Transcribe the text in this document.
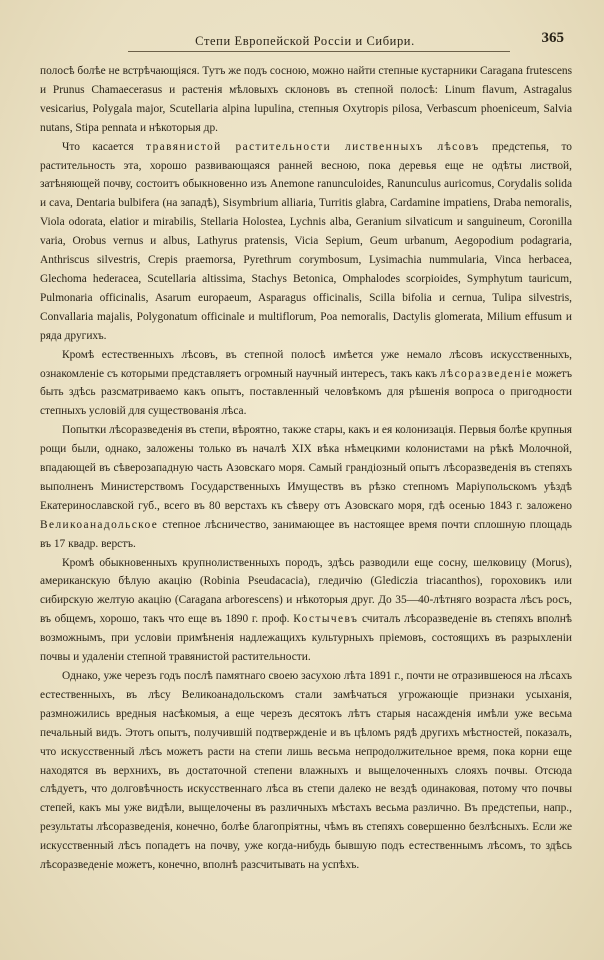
Степи Европейской Россіи и Сибири.	365

полосѣ болѣе не встрѣчающіяся. Тутъ же подъ сосною, можно найти степные кустарники Caragana frutescens и Prunus Chamaecerasus и растенія мѣловыхъ склоновъ въ степной полосѣ: Linum flavum, Astragalus vesicarius, Polygala major, Scutellaria alpina lupulina, степныя Oxytropis pilosa, Verbascum phoeniceum, Salvia nutans, Stipa pennata и нѣкоторыя др.

Что касается травянистой растительности лиственныхъ лѣсовъ предстепья, то растительность эта, хорошо развивающаяся ранней весною, пока деревья еще не одѣты листвой, затѣняющей почву, состоитъ обыкновенно изъ Anemone ranunculoides, Ranunculus auricomus, Corydalis solida и cava, Dentaria bulbifera (на западѣ), Sisymbrium alliaria, Turritis glabra, Cardamine impatiens, Draba nemoralis, Viola odorata, elatior и mirabilis, Stellaria Holostea, Lychnis alba, Geranium silvaticum и sanguineum, Coronilla varia, Orobus vernus и albus, Lathyrus pratensis, Vicia Sepium, Geum urbanum, Aegopodium podagraria, Anthriscus silvestris, Crepis praemorsa, Pyrethrum corymbosum, Lysimachia nummularia, Vinca herbacea, Glechoma hederacea, Scutellaria altissima, Stachys Betonica, Omphalodes scorpioides, Symphytum tauricum, Pulmonaria officinalis, Asarum europaeum, Asparagus officinalis, Scilla bifolia и cernua, Tulipa silvestris, Convallaria majalis, Polygonatum officinale и multiflorum, Poa nemoralis, Dactylis glomerata, Milium effusum и ряда другихъ.

Кромѣ естественныхъ лѣсовъ, въ степной полосѣ имѣется уже немало лѣсовъ искусственныхъ, ознакомленіе съ которыми представляетъ огромный научный интересъ, такъ какъ лѣсоразведеніе можетъ быть здѣсь разсматриваемо какъ опытъ, поставленный человѣкомъ для рѣшенія вопроса о пригодности степныхъ условій для существованія лѣса.

Попытки лѣсоразведенія въ степи, вѣроятно, также стары, какъ и ея колонизація. Первыя болѣе крупныя рощи были, однако, заложены только въ началѣ XIX вѣка нѣмецкими колонистами на рѣкѣ Молочной, впадающей въ сѣверозападную часть Азовскаго моря. Самый грандіозный опытъ лѣсоразведенія въ степяхъ выполненъ Министерствомъ Государственныхъ Имуществъ въ рѣзко степномъ Маріупольскомъ уѣздѣ Екатеринославской губ., всего въ 80 верстахъ къ сѣверу отъ Азовскаго моря, гдѣ осенью 1843 г. заложено Великоанадольское степное лѣсничество, занимающее въ настоящее время почти сплошную площадь въ 17 квадр. верстъ.

Кромѣ обыкновенныхъ крупнолиственныхъ породъ, здѣсь разводили еще сосну, шелковицу (Morus), американскую бѣлую акацію (Robinia Pseudacacia), гледичію (Gledіczia triacanthos), гороховикъ или сибирскую желтую акацію (Caragana arborescens) и нѣкоторыя друг. До 35—40-лѣтняго возраста лѣсъ росъ, въ общемъ, хорошо, такъ что еще въ 1890 г. проф. Костычевъ считалъ лѣсоразведеніе въ степяхъ вполнѣ возможнымъ, при условіи примѣненія надлежащихъ культурныхъ пріемовъ, состоящихъ въ разрыхленіи почвы и удаленіи степной травянистой растительности.

Однако, уже черезъ годъ послѣ памятнаго своею засухою лѣта 1891 г., почти не отразившеюся на лѣсахъ естественныхъ, въ лѣсу Великоанадольскомъ стали замѣчаться угрожающіе признаки усыханія, размножились вредныя насѣкомыя, а еще черезъ десятокъ лѣтъ старыя насажденія имѣли уже весьма печальный видъ. Этотъ опытъ, получившій подтвержденіе и въ цѣломъ рядѣ другихъ мѣстностей, показалъ, что искусственный лѣсъ можетъ расти на степи лишь весьма непродолжительное время, пока корни еще находятся въ верхнихъ, въ достаточной степени влажныхъ и выщелоченныхъ слояхъ почвы. Отсюда слѣдуетъ, что долговѣчность искусственнаго лѣса въ степи далеко не вездѣ одинаковая, потому что почвы степей, какъ мы уже видѣли, выщелочены въ различныхъ мѣстахъ весьма различно. Въ предстепьи, напр., результаты лѣсоразведенія, конечно, болѣе благопріятны, чѣмъ въ степяхъ совершенно безлѣсныхъ. Если же искусственный лѣсъ попадетъ на почву, уже когда-нибудь бывшую подъ естественнымъ лѣсомъ, то здѣсь лѣсоразведеніе можетъ, конечно, вполнѣ разсчитывать на успѣхъ.
